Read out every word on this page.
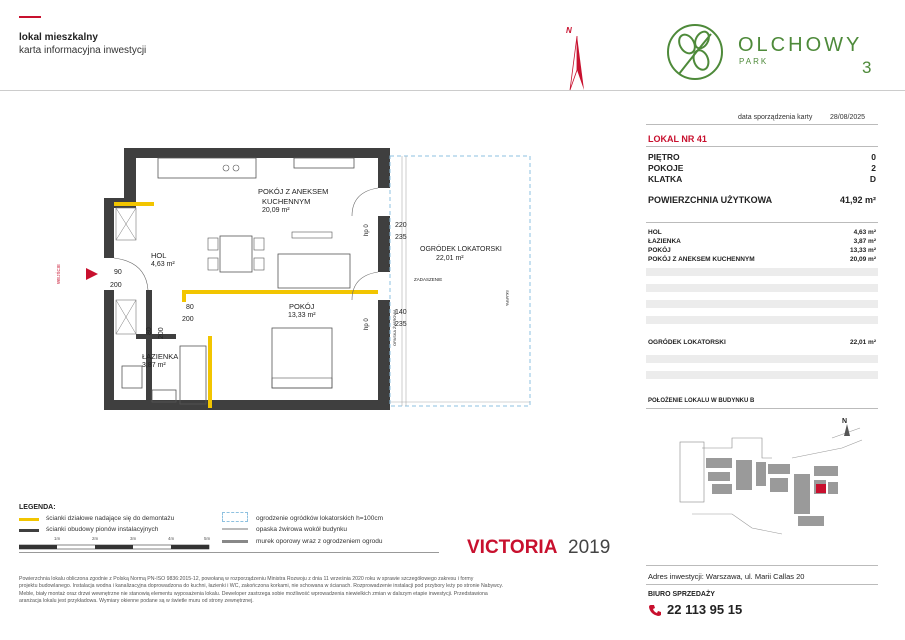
lokal mieszkalny
karta informacyjna inwestycji
N
OLCHOWY
PARK	3
data sporządzenia karty	28/08/2025
LOKAL NR 41
PIĘTRO	0
POKOJE	2
KLATKA	D
POWIERZCHNIA UŻYTKOWA	41,92 m²
HOL	4,63 m²
ŁAZIENKA	3,87 m²
POKÓJ	13,33 m²
POKÓJ Z ANEKSEM KUCHENNYM	20,09 m²
OGRÓDEK LOKATORSKI	22,01 m²
POŁOŻENIE LOKALU W BUDYNKU B
N
Adres inwestycji: Warszawa, ul. Marii Callas 20
BIURO SPRZEDAŻY
22 113 95 15
POKÓJ Z ANEKSEM
KUCHENNYM
20,09 m²
HOL
4,63 m²
POKÓJ
13,33 m²
ŁAZIENKA
3,87 m²
OGRÓDEK LOKATORSKI
22,01 m²
ZADASZENIE
SKARPA
OPASKA ŻWIROWA
WEJŚCIE	90
200
80
200
80 200
220
235
140
235
hp 0
hp 0
LEGENDA:
ścianki działowe nadające się do demontażu
ścianki obudowy pionów instalacyjnych
ogrodzenie ogródków lokatorskich h=100cm
opaska żwirowa wokół budynku
murek oporowy wraz z ogrodzeniem ogrodu
1m	2m	3m	4m	5m	VICTORIA 2019
Powierzchnia lokalu obliczona zgodnie z Polską Normą PN-ISO 9836:2015-12, powołaną w rozporządzeniu Ministra Rozwoju z dnia 11 września 2020 roku w sprawie szczegółowego zakresu i formy
projektu budowlanego. Instalacja wodna i kanalizacyjna doprowadzona do kuchni, łazienki i WC, zakończona korkami, nie schowana w ścianach. Rozprowadzenie instalacji pod przybory leży po stronie Nabywcy.
Meble, biały montaż oraz drzwi wewnętrzne nie stanowią elementu wyposażenia lokalu. Deweloper zastrzega sobie możliwość wprowadzenia niewielkich zmian w dalszym etapie inwestycji. Przedstawiona
aranżacja lokalu jest przykładowa. Wymiary okienne podane są w świetle muru od strony zewnętrznej.
